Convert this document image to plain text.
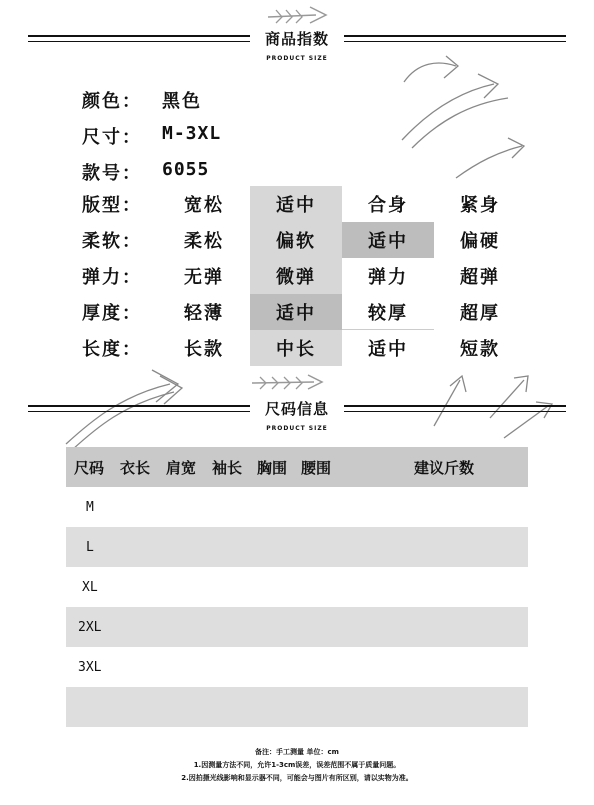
商品指数
PRODUCT SIZE
颜色：	黑色
尺寸：	M-3XL
款号：	6055
版型：	宽松	适中	合身	紧身
柔软：	柔松	偏软	适中	偏硬
弹力：	无弹	微弹	弹力	超弹
厚度：	轻薄	适中	较厚	超厚
长度：	长款	中长	适中	短款
尺码信息
PRODUCT SIZE
尺码	衣长	肩宽	袖长 胸围 腰围	建议斤数
M
L
XL
2XL
3XL
备注：手工测量 单位：cm
1.因测量方法不同，允许1-3cm误差，误差范围不属于质量问题。
2.因拍摄光线影响和显示器不同，可能会与图片有所区别，请以实物为准。
